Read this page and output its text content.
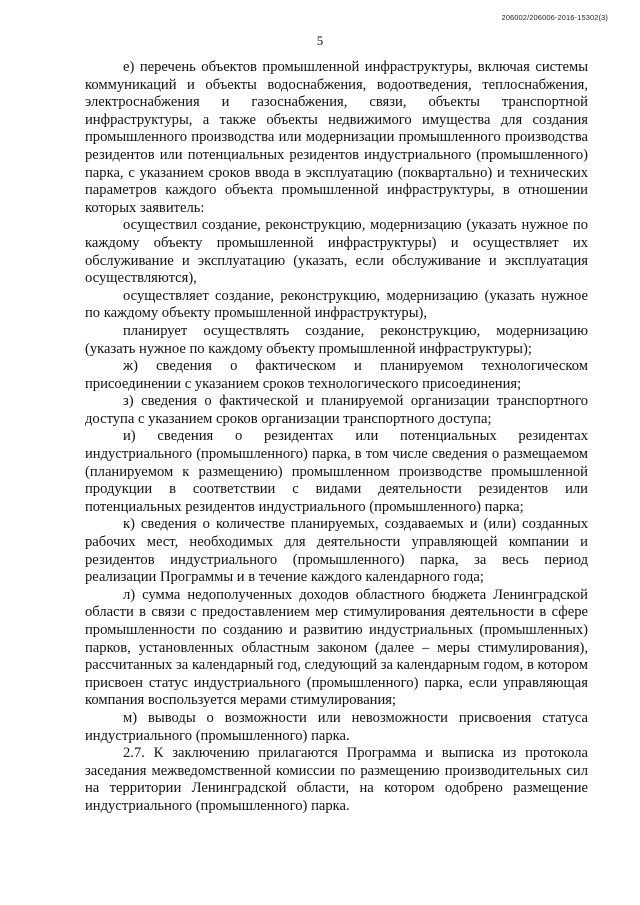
206002/206006-2016-15302(3)
5

е) перечень объектов промышленной инфраструктуры, включая системы коммуникаций и объекты водоснабжения, водоотведения, теплоснабжения, электроснабжения и газоснабжения, связи, объекты транспортной инфраструктуры, а также объекты недвижимого имущества для создания промышленного производства или модернизации промышленного производства резидентов или потенциальных резидентов индустриального (промышленного) парка, с указанием сроков ввода в эксплуатацию (поквартально) и технических параметров каждого объекта промышленной инфраструктуры, в отношении которых заявитель:

осуществил создание, реконструкцию, модернизацию (указать нужное по каждому объекту промышленной инфраструктуры) и осуществляет их обслуживание и эксплуатацию (указать, если обслуживание и эксплуатация осуществляются),

осуществляет создание, реконструкцию, модернизацию (указать нужное по каждому объекту промышленной инфраструктуры),

планирует осуществлять создание, реконструкцию, модернизацию (указать нужное по каждому объекту промышленной инфраструктуры);

ж) сведения о фактическом и планируемом технологическом присоединении с указанием сроков технологического присоединения;

з) сведения о фактической и планируемой организации транспортного доступа с указанием сроков организации транспортного доступа;

и) сведения о резидентах или потенциальных резидентах индустриального (промышленного) парка, в том числе сведения о размещаемом (планируемом к размещению) промышленном производстве промышленной продукции в соответствии с видами деятельности резидентов или потенциальных резидентов индустриального (промышленного) парка;

к) сведения о количестве планируемых, создаваемых и (или) созданных рабочих мест, необходимых для деятельности управляющей компании и резидентов индустриального (промышленного) парка, за весь период реализации Программы и в течение каждого календарного года;

л) сумма недополученных доходов областного бюджета Ленинградской области в связи с предоставлением мер стимулирования деятельности в сфере промышленности по созданию и развитию индустриальных (промышленных) парков, установленных областным законом (далее – меры стимулирования), рассчитанных за календарный год, следующий за календарным годом, в котором присвоен статус индустриального (промышленного) парка, если управляющая компания воспользуется мерами стимулирования;

м) выводы о возможности или невозможности присвоения статуса индустриального (промышленного) парка.

2.7. К заключению прилагаются Программа и выписка из протокола заседания межведомственной комиссии по размещению производительных сил на территории Ленинградской области, на котором одобрено размещение индустриального (промышленного) парка.
